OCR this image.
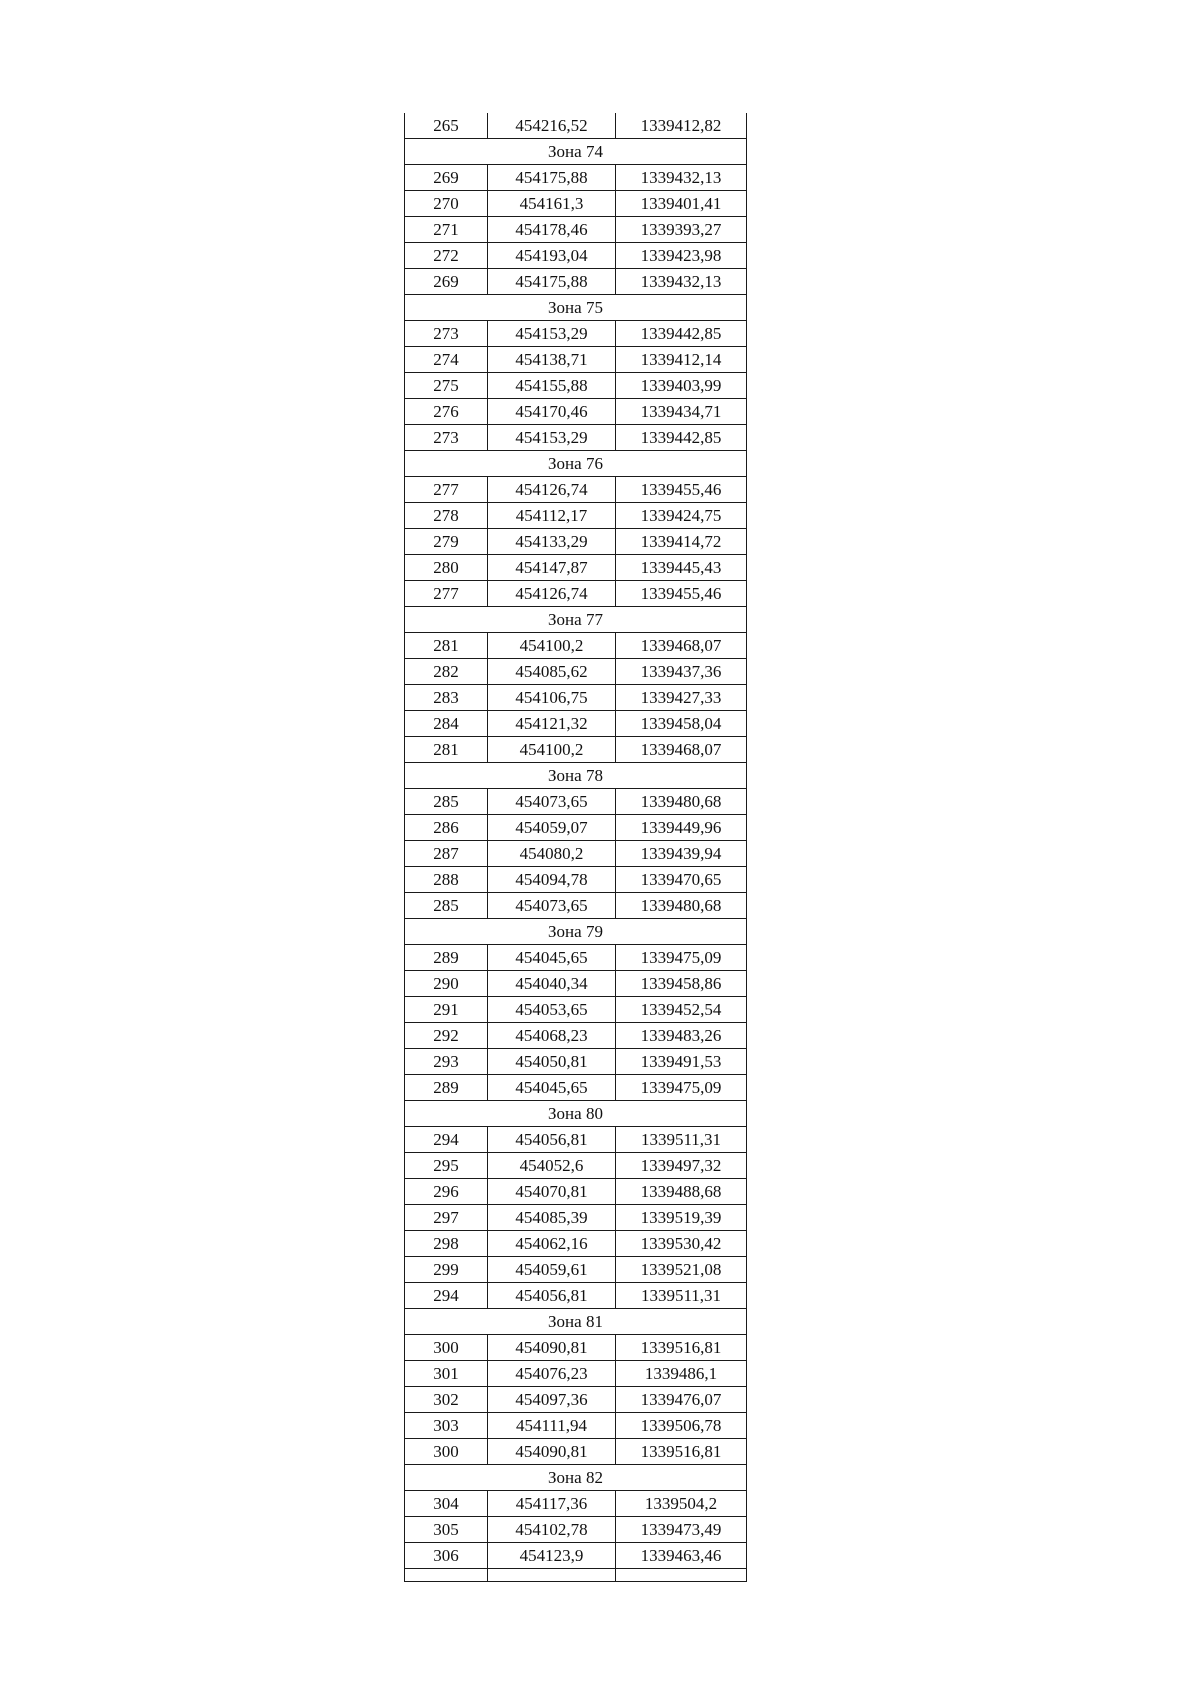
265	454216,52	1339412,82
Зона 74		
269	454175,88	1339432,13
270	454161,3	1339401,41
271	454178,46	1339393,27
272	454193,04	1339423,98
269	454175,88	1339432,13
Зона 75		
273	454153,29	1339442,85
274	454138,71	1339412,14
275	454155,88	1339403,99
276	454170,46	1339434,71
273	454153,29	1339442,85
Зона 76		
277	454126,74	1339455,46
278	454112,17	1339424,75
279	454133,29	1339414,72
280	454147,87	1339445,43
277	454126,74	1339455,46
Зона 77		
281	454100,2	1339468,07
282	454085,62	1339437,36
283	454106,75	1339427,33
284	454121,32	1339458,04
281	454100,2	1339468,07
Зона 78		
285	454073,65	1339480,68
286	454059,07	1339449,96
287	454080,2	1339439,94
288	454094,78	1339470,65
285	454073,65	1339480,68
Зона 79		
289	454045,65	1339475,09
290	454040,34	1339458,86
291	454053,65	1339452,54
292	454068,23	1339483,26
293	454050,81	1339491,53
289	454045,65	1339475,09
Зона 80		
294	454056,81	1339511,31
295	454052,6	1339497,32
296	454070,81	1339488,68
297	454085,39	1339519,39
298	454062,16	1339530,42
299	454059,61	1339521,08
294	454056,81	1339511,31
Зона 81		
300	454090,81	1339516,81
301	454076,23	1339486,1
302	454097,36	1339476,07
303	454111,94	1339506,78
300	454090,81	1339516,81
Зона 82		
304	454117,36	1339504,2
305	454102,78	1339473,49
306	454123,9	1339463,46
